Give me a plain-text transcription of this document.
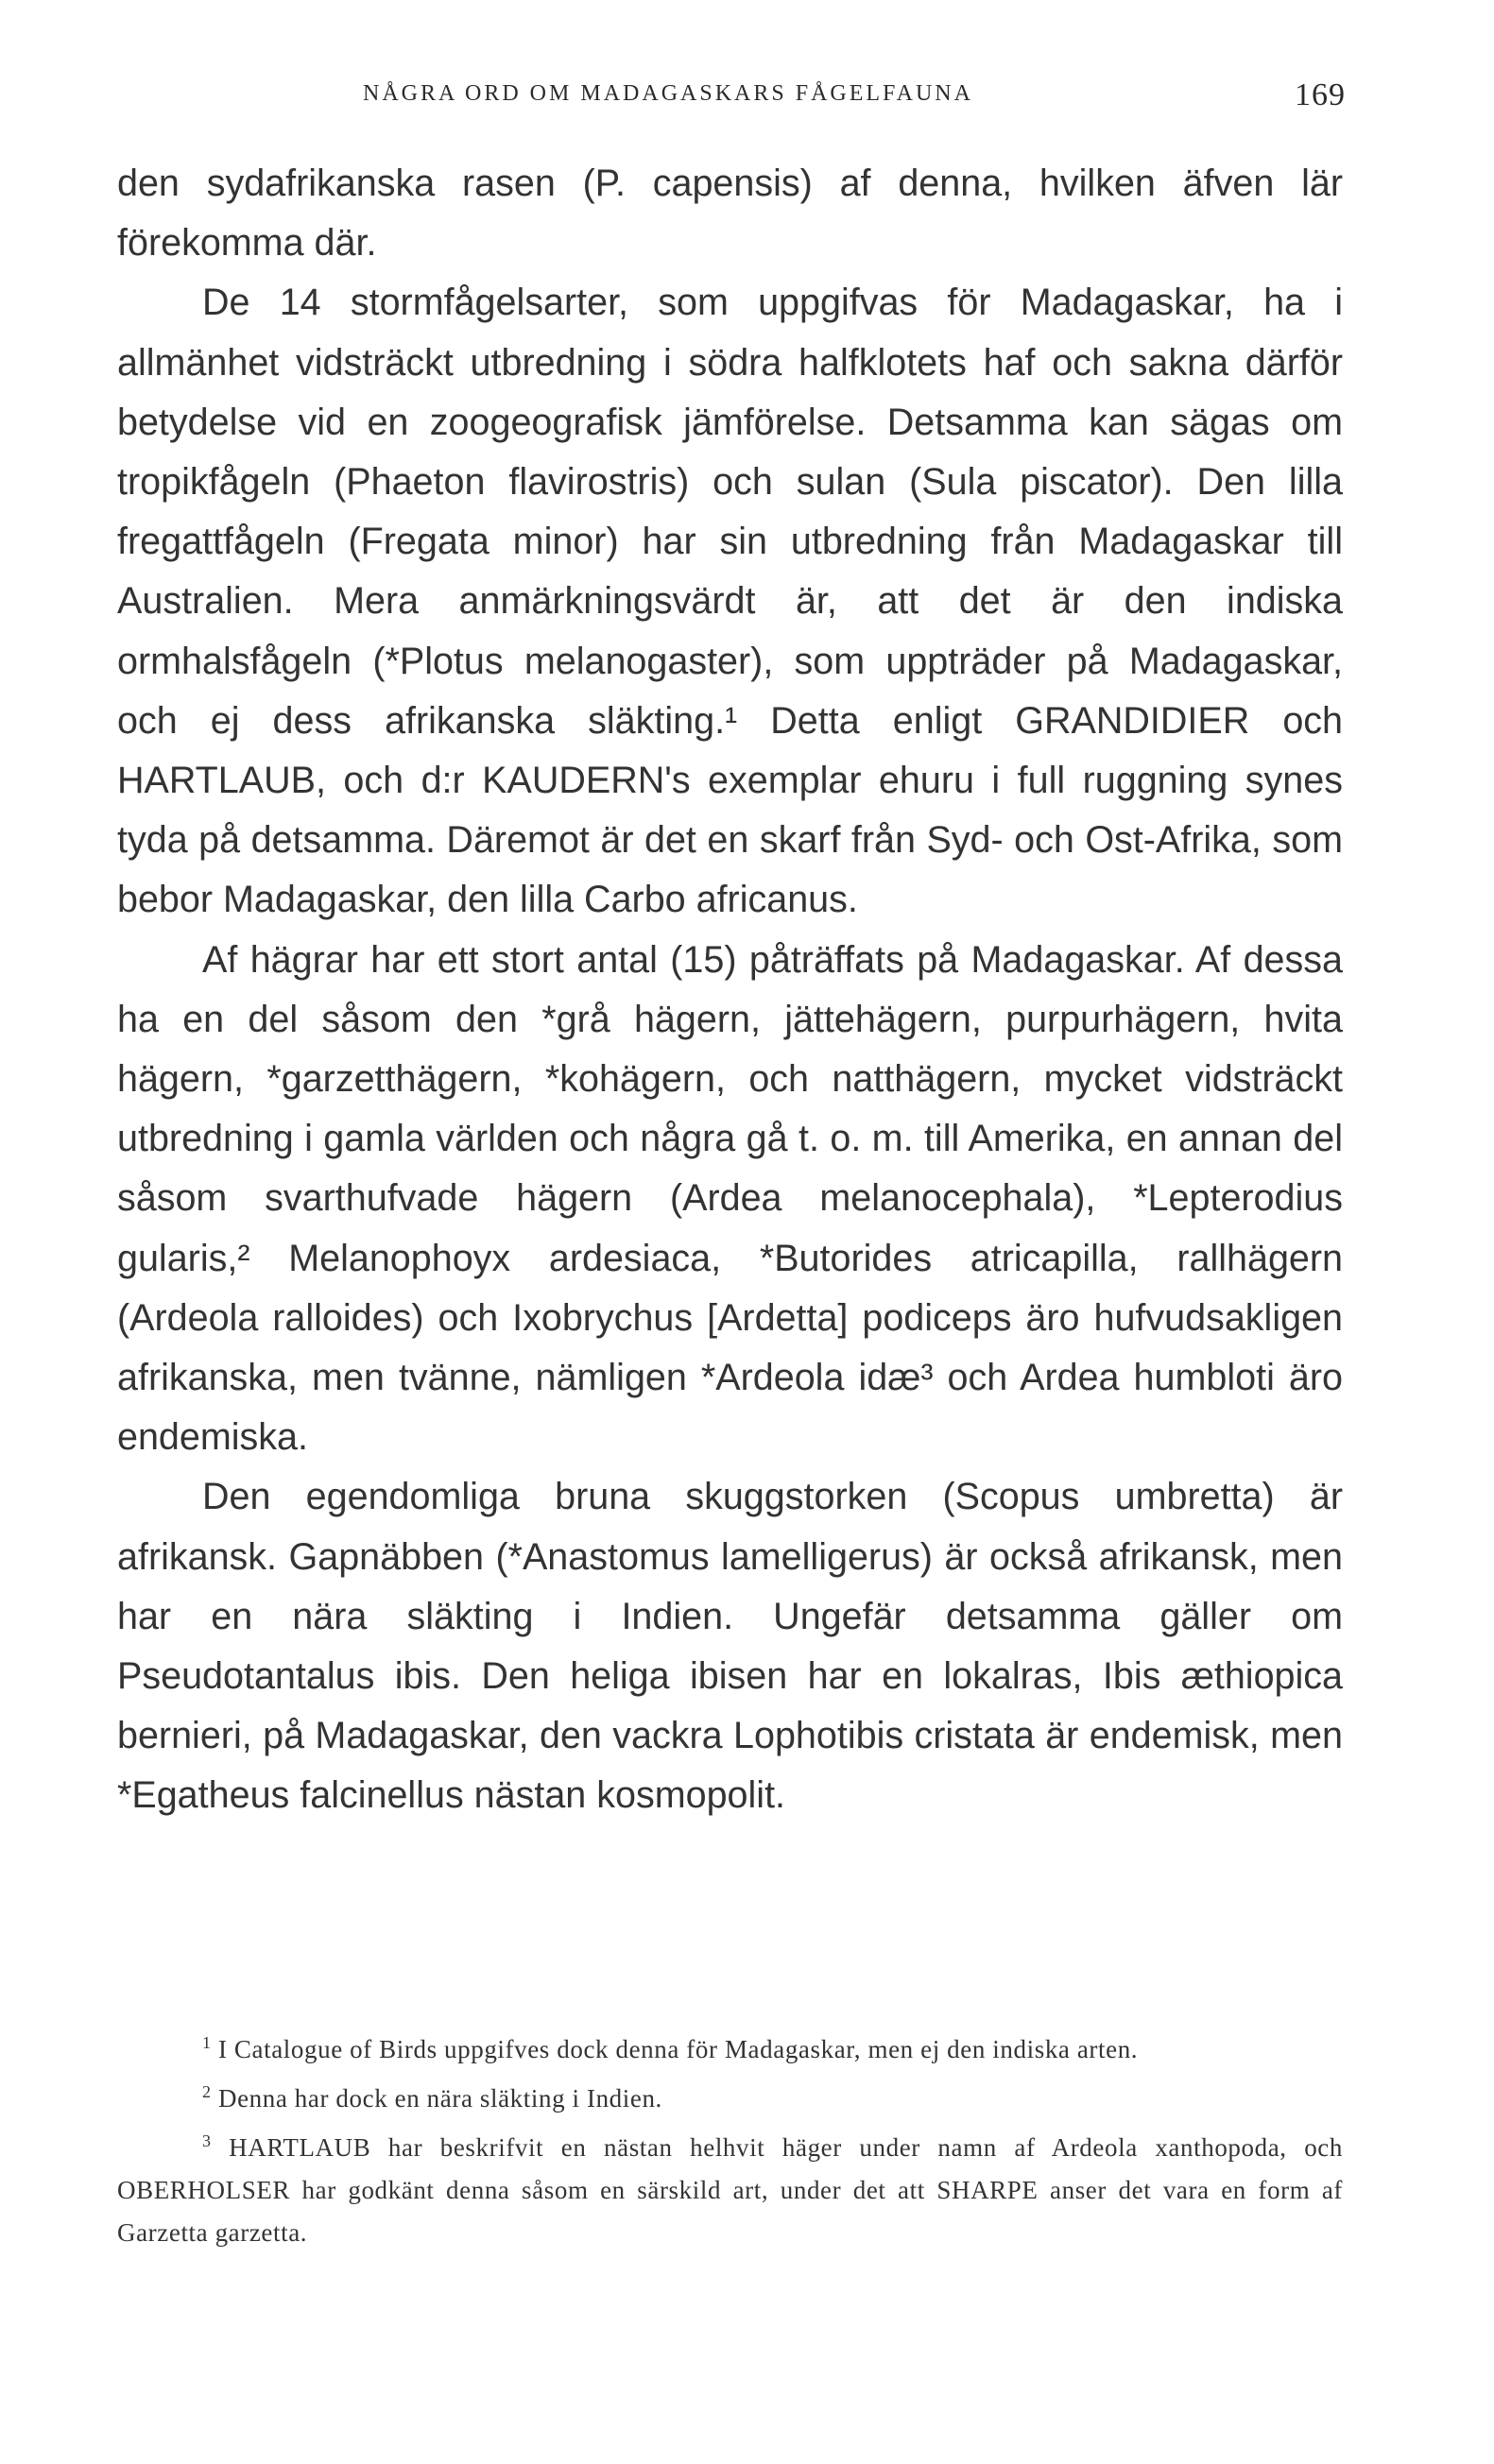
NÅGRA ORD OM MADAGASKARS FÅGELFAUNA	169

den sydafrikanska rasen (P. capensis) af denna, hvilken äfven lär förekomma där.

De 14 stormfågelsarter, som uppgifvas för Madagaskar, ha i allmänhet vidsträckt utbredning i södra halfklotets haf och sakna därför betydelse vid en zoogeografisk jämförelse. Detsamma kan sägas om tropikfågeln (Phaeton flavirostris) och sulan (Sula piscator). Den lilla fregattfågeln (Fregata minor) har sin utbredning från Madagaskar till Australien. Mera anmärkningsvärdt är, att det är den indiska ormhalsfågeln (*Plotus melanogaster), som uppträder på Madagaskar, och ej dess afrikanska släkting.¹ Detta enligt GRANDIDIER och HARTLAUB, och d:r KAUDERN's exemplar ehuru i full ruggning synes tyda på detsamma. Däremot är det en skarf från Syd- och Ost-Afrika, som bebor Madagaskar, den lilla Carbo africanus.

Af hägrar har ett stort antal (15) påträffats på Madagaskar. Af dessa ha en del såsom den *grå hägern, jättehägern, purpurhägern, hvita hägern, *garzetthägern, *kohägern, och natthägern, mycket vidsträckt utbredning i gamla världen och några gå t. o. m. till Amerika, en annan del såsom svarthufvade hägern (Ardea melanocephala), *Lepterodius gularis,² Melanophoyx ardesiaca, *Butorides atricapilla, rallhägern (Ardeola ralloides) och Ixobrychus [Ardetta] podiceps äro hufvudsakligen afrikanska, men tvänne, nämligen *Ardeola idæ³ och Ardea humbloti äro endemiska.

Den egendomliga bruna skuggstorken (Scopus umbretta) är afrikansk. Gapnäbben (*Anastomus lamelligerus) är också afrikansk, men har en nära släkting i Indien. Ungefär detsamma gäller om Pseudotantalus ibis. Den heliga ibisen har en lokalras, Ibis æthiopica bernieri, på Madagaskar, den vackra Lophotibis cristata är endemisk, men *Egatheus falcinellus nästan kosmopolit.

$^1$ I Catalogue of Birds uppgifves dock denna för Madagaskar, men ej den indiska arten.

$^2$ Denna har dock en nära släkting i Indien.

$^3$ HARTLAUB har beskrifvit en nästan helhvit häger under namn af Ardeola xanthopoda, och OBERHOLSER har godkänt denna såsom en särskild art, under det att SHARPE anser det vara en form af Garzetta garzetta.
